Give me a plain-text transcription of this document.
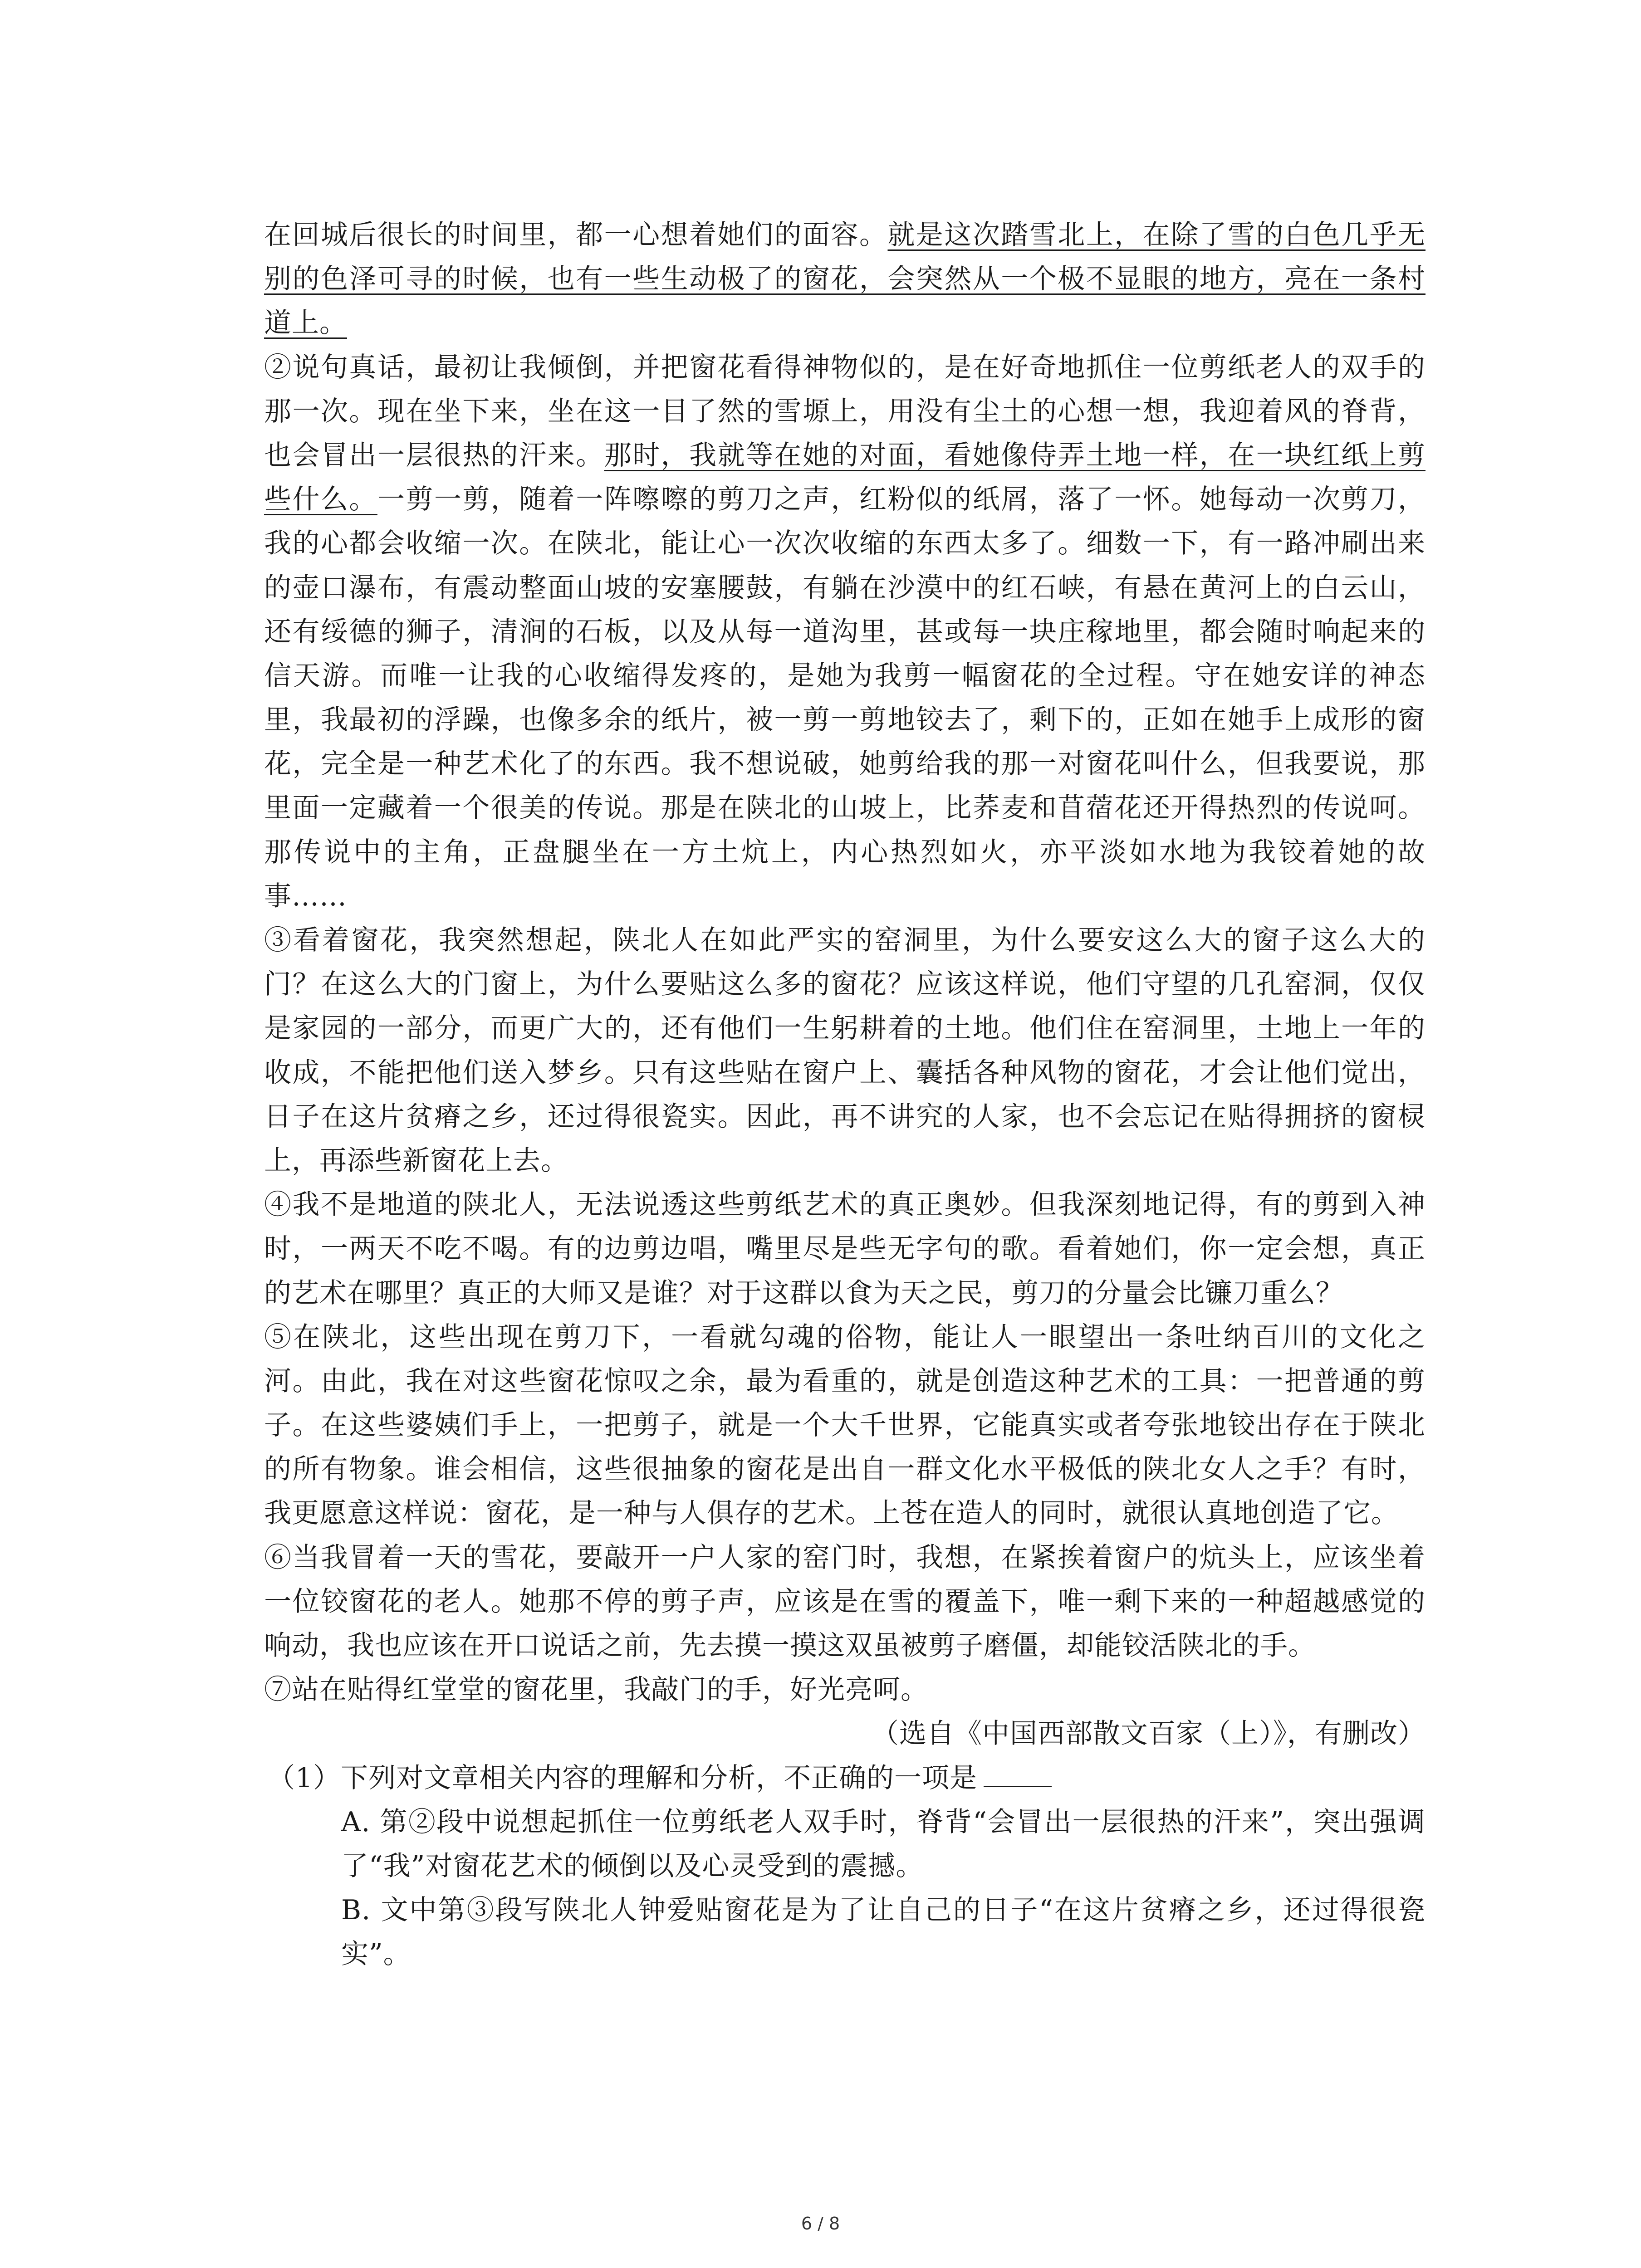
在回城后很长的时间里，都一心想着她们的面容。就是这次踏雪北上，在除了雪的白色几乎无别的色泽可寻的时候，也有一些生动极了的窗花，会突然从一个极不显眼的地方，亮在一条村道上。

②说句真话，最初让我倾倒，并把窗花看得神物似的，是在好奇地抓住一位剪纸老人的双手的那一次。现在坐下来，坐在这一目了然的雪塬上，用没有尘土的心想一想，我迎着风的脊背，也会冒出一层很热的汗来。那时，我就等在她的对面，看她像侍弄土地一样，在一块红纸上剪些什么。一剪一剪，随着一阵嚓嚓的剪刀之声，红粉似的纸屑，落了一怀。她每动一次剪刀，我的心都会收缩一次。在陕北，能让心一次次收缩的东西太多了。细数一下，有一路冲刷出来的壶口瀑布，有震动整面山坡的安塞腰鼓，有躺在沙漠中的红石峡，有悬在黄河上的白云山，还有绥德的狮子，清涧的石板，以及从每一道沟里，甚或每一块庄稼地里，都会随时响起来的信天游。而唯一让我的心收缩得发疼的，是她为我剪一幅窗花的全过程。守在她安详的神态里，我最初的浮躁，也像多余的纸片，被一剪一剪地铰去了，剩下的，正如在她手上成形的窗花，完全是一种艺术化了的东西。我不想说破，她剪给我的那一对窗花叫什么，但我要说，那里面一定藏着一个很美的传说。那是在陕北的山坡上，比荞麦和苜蓿花还开得热烈的传说呵。那传说中的主角，正盘腿坐在一方土炕上，内心热烈如火，亦平淡如水地为我铰着她的故事……

③看着窗花，我突然想起，陕北人在如此严实的窑洞里，为什么要安这么大的窗子这么大的门？在这么大的门窗上，为什么要贴这么多的窗花？应该这样说，他们守望的几孔窑洞，仅仅是家园的一部分，而更广大的，还有他们一生躬耕着的土地。他们住在窑洞里，土地上一年的收成，不能把他们送入梦乡。只有这些贴在窗户上、囊括各种风物的窗花，才会让他们觉出，日子在这片贫瘠之乡，还过得很瓷实。因此，再不讲究的人家，也不会忘记在贴得拥挤的窗棂上，再添些新窗花上去。

④我不是地道的陕北人，无法说透这些剪纸艺术的真正奥妙。但我深刻地记得，有的剪到入神时，一两天不吃不喝。有的边剪边唱，嘴里尽是些无字句的歌。看着她们，你一定会想，真正的艺术在哪里？真正的大师又是谁？对于这群以食为天之民，剪刀的分量会比镰刀重么？

⑤在陕北，这些出现在剪刀下，一看就勾魂的俗物，能让人一眼望出一条吐纳百川的文化之河。由此，我在对这些窗花惊叹之余，最为看重的，就是创造这种艺术的工具：一把普通的剪子。在这些婆姨们手上，一把剪子，就是一个大千世界，它能真实或者夸张地铰出存在于陕北的所有物象。谁会相信，这些很抽象的窗花是出自一群文化水平极低的陕北女人之手？有时，我更愿意这样说：窗花，是一种与人俱存的艺术。上苍在造人的同时，就很认真地创造了它。

⑥当我冒着一天的雪花，要敲开一户人家的窑门时，我想，在紧挨着窗户的炕头上，应该坐着一位铰窗花的老人。她那不停的剪子声，应该是在雪的覆盖下，唯一剩下来的一种超越感觉的响动，我也应该在开口说话之前，先去摸一摸这双虽被剪子磨僵，却能铰活陕北的手。

⑦站在贴得红堂堂的窗花里，我敲门的手，好光亮呵。

（选自《中国西部散文百家（上）》，有删改）

（1）下列对文章相关内容的理解和分析，不正确的一项是

A. 第②段中说想起抓住一位剪纸老人双手时，脊背“会冒出一层很热的汗来”，突出强调了“我”对窗花艺术的倾倒以及心灵受到的震撼。

B. 文中第③段写陕北人钟爱贴窗花是为了让自己的日子“在这片贫瘠之乡，还过得很瓷实”。

6 / 8
